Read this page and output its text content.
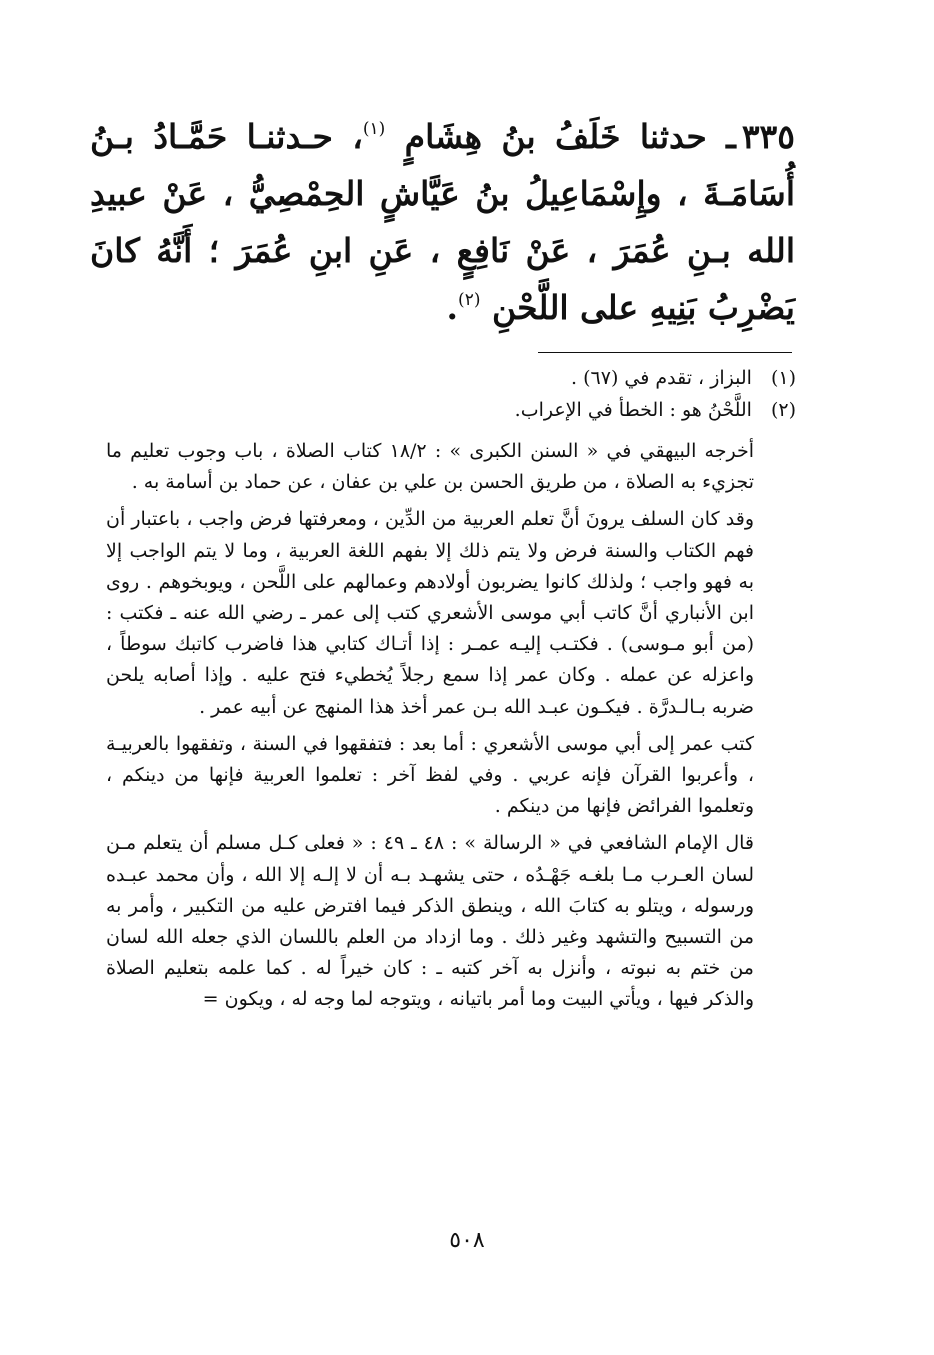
٣٣٥ـ حدثنا خَلَفُ بنُ هِشَامٍ $^{(١)}$، حـدثنـا حَمَّـادُ بـنُ أُسَامَـةَ ، وإِسْمَاعِيلُ بنُ عَيَّاشٍ الحِمْصِيُّ ، عَنْ عبيدِ الله بـنِ عُمَرَ ، عَنْ نَافِعٍ ، عَنِ ابنِ عُمَرَ ؛ أَنَّهُ كانَ يَضْرِبُ بَنِيهِ على اللَّحْنِ $^{(٢)}$.

(١) البزاز ، تقدم في (٦٧) .

(٢) اللَّحْنُ هو : الخطأ في الإعراب.

أخرجه البيهقي في « السنن الكبرى » : ١٨/٢ كتاب الصلاة ، باب وجوب تعليم ما تجزيء به الصلاة ، من طريق الحسن بن علي بن عفان ، عن حماد بن أسامة به .

وقد كان السلف يرونَ أنَّ تعلم العربية من الدِّين ، ومعرفتها فرض واجب ، باعتبار أن فهم الكتاب والسنة فرض ولا يتم ذلك إلا بفهم اللغة العربية ، وما لا يتم الواجب إلا به فهو واجب ؛ ولذلك كانوا يضربون أولادهم وعمالهم على اللَّحن ، ويوبخوهم . روى ابن الأنباري أنَّ كاتب أبي موسى الأشعري كتب إلى عمر ـ رضي الله عنه ـ فكتب : (من أبو مـوسى) . فكتـب إليـه عمـر : إذا أتـاك كتابي هذا فاضرب كاتبك سوطاً ، واعزله عن عمله . وكان عمر إذا سمع رجلاً يُخطيء فتح عليه . وإذا أصابه يلحن ضربه بـالـدرَّة . فيكـون عبـد الله بـن عمر أخذ هذا المنهج عن أبيه عمر .

كتب عمر إلى أبي موسى الأشعري : أما بعد : فتفقهوا في السنة ، وتفقهوا بالعربيـة ، وأعربوا القرآن فإنه عربي . وفي لفظ آخر : تعلموا العربية فإنها من دينكم ، وتعلموا الفرائض فإنها من دينكم .

قال الإمام الشافعي في « الرسالة » : ٤٨ ـ ٤٩ : « فعلى كـل مسلم أن يتعلم مـن لسان العـرب مـا بلغـه جَهْـدُه ، حتى يشهـد بـه أن لا إلـه إلا الله ، وأن محمد عبـده ورسوله ، ويتلو به كتابَ الله ، وينطق الذكر فيما افترض عليه من التكبير ، وأمر به من التسبيح والتشهد وغير ذلك . وما ازداد من العلم باللسان الذي جعله الله لسان من ختم به نبوته ، وأنزل به آخر كتبه ـ : كان خيراً له . كما علمه بتعليم الصلاة والذكر فيها ، ويأتي البيت وما أمر باتيانه ، ويتوجه لما وجه له ، ويكون =

٥٠٨
